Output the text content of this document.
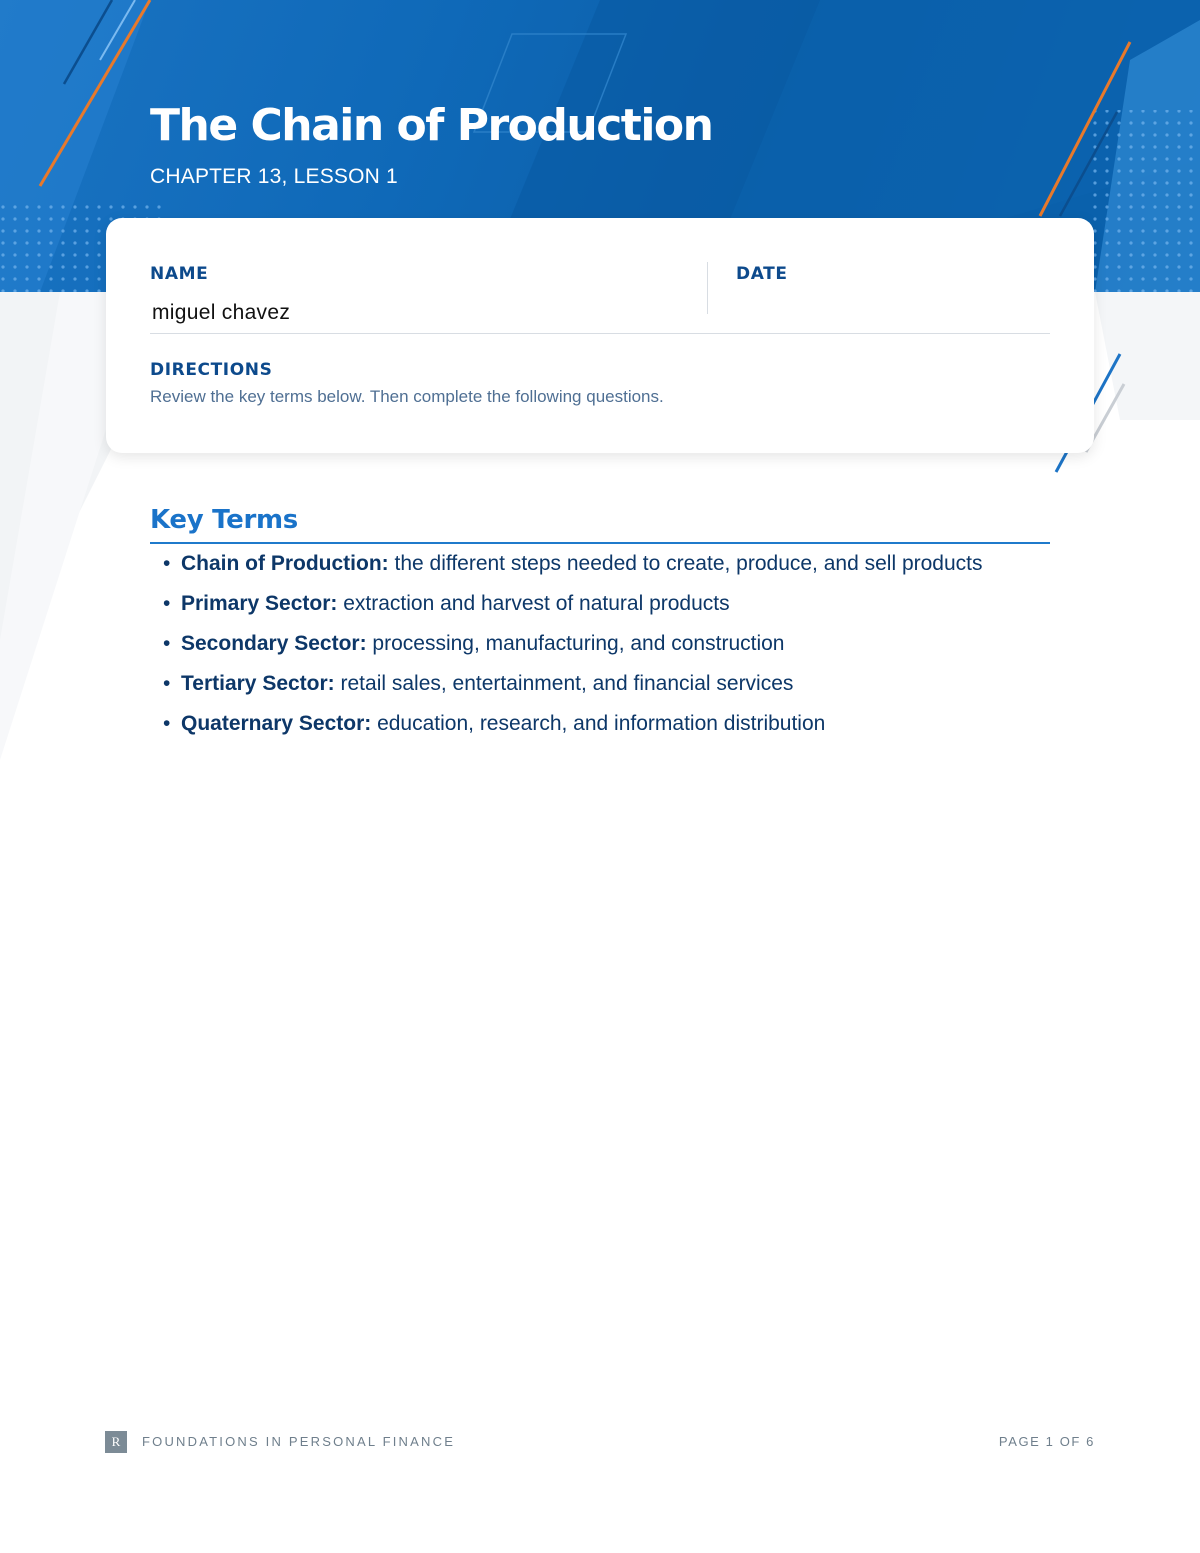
The Chain of Production
CHAPTER 13, LESSON 1
NAME
miguel chavez
DATE
DIRECTIONS
Review the key terms below. Then complete the following questions.
Key Terms
• Chain of Production: the different steps needed to create, produce, and sell products
• Primary Sector: extraction and harvest of natural products
• Secondary Sector: processing, manufacturing, and construction
• Tertiary Sector: retail sales, entertainment, and financial services
• Quaternary Sector: education, research, and information distribution
R	FOUNDATIONS IN PERSONAL FINANCE	PAGE 1 OF 6
